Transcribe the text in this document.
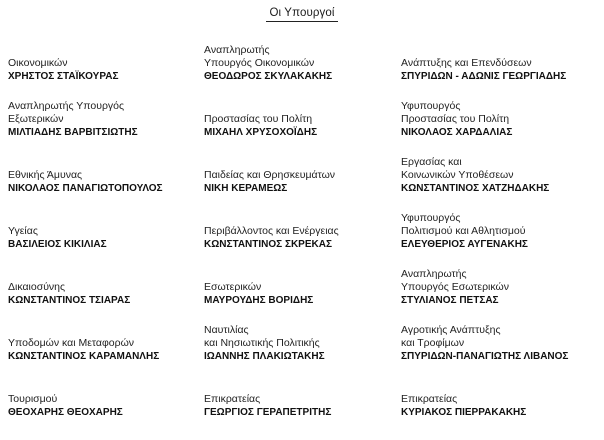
Οι Υπουργοί
Οικονομικών
ΧΡΗΣΤΟΣ ΣΤΑΪΚΟΥΡΑΣ
Αναπληρωτής
Υπουργός Οικονομικών
ΘΕΟΔΩΡΟΣ ΣΚΥΛΑΚΑΚΗΣ
Ανάπτυξης και Επενδύσεων
ΣΠΥΡΙΔΩΝ - ΑΔΩΝΙΣ ΓΕΩΡΓΙΑΔΗΣ
Αναπληρωτής Υπουργός
Εξωτερικών
ΜΙΛΤΙΑΔΗΣ ΒΑΡΒΙΤΣΙΩΤΗΣ
Προστασίας του Πολίτη
ΜΙΧΑΗΛ ΧΡΥΣΟΧΟΪΔΗΣ
Υφυπουργός
Προστασίας του Πολίτη
ΝΙΚΟΛΑΟΣ ΧΑΡΔΑΛΙΑΣ
Εθνικής Άμυνας
ΝΙΚΟΛΑΟΣ ΠΑΝΑΓΙΩΤΟΠΟΥΛΟΣ
Παιδείας και Θρησκευμάτων
ΝΙΚΗ ΚΕΡΑΜΕΩΣ
Εργασίας και
Κοινωνικών Υποθέσεων
ΚΩΝΣΤΑΝΤΙΝΟΣ ΧΑΤΖΗΔΑΚΗΣ
Υγείας
ΒΑΣΙΛΕΙΟΣ ΚΙΚΙΛΙΑΣ
Περιβάλλοντος και Ενέργειας
ΚΩΝΣΤΑΝΤΙΝΟΣ ΣΚΡΕΚΑΣ
Υφυπουργός
Πολιτισμού και Αθλητισμού
ΕΛΕΥΘΕΡΙΟΣ ΑΥΓΕΝΑΚΗΣ
Δικαιοσύνης
ΚΩΝΣΤΑΝΤΙΝΟΣ ΤΣΙΑΡΑΣ
Εσωτερικών
ΜΑΥΡΟΥΔΗΣ ΒΟΡΙΔΗΣ
Αναπληρωτής
Υπουργός Εσωτερικών
ΣΤΥΛΙΑΝΟΣ ΠΕΤΣΑΣ
Υποδομών και Μεταφορών
ΚΩΝΣΤΑΝΤΙΝΟΣ ΚΑΡΑΜΑΝΛΗΣ
Ναυτιλίας
και Νησιωτικής Πολιτικής
ΙΩΑΝΝΗΣ ΠΛΑΚΙΩΤΑΚΗΣ
Αγροτικής Ανάπτυξης
και Τροφίμων
ΣΠΥΡΙΔΩΝ-ΠΑΝΑΓΙΩΤΗΣ ΛΙΒΑΝΟΣ
Τουρισμού
ΘΕΟΧΑΡΗΣ ΘΕΟΧΑΡΗΣ
Επικρατείας
ΓΕΩΡΓΙΟΣ ΓΕΡΑΠΕΤΡΙΤΗΣ
Επικρατείας
ΚΥΡΙΑΚΟΣ ΠΙΕΡΡΑΚΑΚΗΣ
